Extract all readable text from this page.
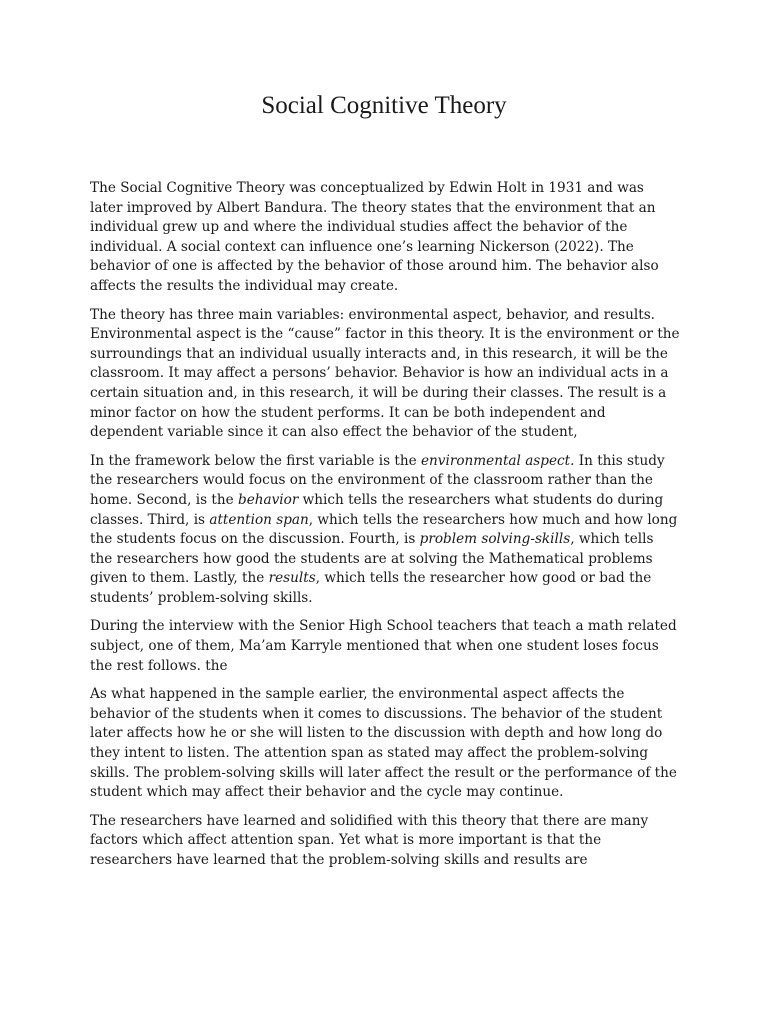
Social Cognitive Theory

The Social Cognitive Theory was conceptualized by Edwin Holt in 1931 and was later improved by Albert Bandura. The theory states that the environment that an individual grew up and where the individual studies affect the behavior of the individual. A social context can influence one’s learning Nickerson (2022). The behavior of one is affected by the behavior of those around him. The behavior also affects the results the individual may create.

The theory has three main variables: environmental aspect, behavior, and results. Environmental aspect is the “cause” factor in this theory. It is the environment or the surroundings that an individual usually interacts and, in this research, it will be the classroom. It may affect a persons’ behavior. Behavior is how an individual acts in a certain situation and, in this research, it will be during their classes. The result is a minor factor on how the student performs. It can be both independent and dependent variable since it can also effect the behavior of the student,

In the framework below the first variable is the environmental aspect. In this study the researchers would focus on the environment of the classroom rather than the home. Second, is the behavior which tells the researchers what students do during classes. Third, is attention span, which tells the researchers how much and how long the students focus on the discussion. Fourth, is problem solving-skills, which tells the researchers how good the students are at solving the Mathematical problems given to them. Lastly, the results, which tells the researcher how good or bad the students’ problem-solving skills.

During the interview with the Senior High School teachers that teach a math related subject, one of them, Ma’am Karryle mentioned that when one student loses focus the rest follows. the

As what happened in the sample earlier, the environmental aspect affects the behavior of the students when it comes to discussions. The behavior of the student later affects how he or she will listen to the discussion with depth and how long do they intent to listen. The attention span as stated may affect the problem-solving skills. The problem-solving skills will later affect the result or the performance of the student which may affect their behavior and the cycle may continue.

The researchers have learned and solidified with this theory that there are many factors which affect attention span. Yet what is more important is that the researchers have learned that the problem-solving skills and results are
